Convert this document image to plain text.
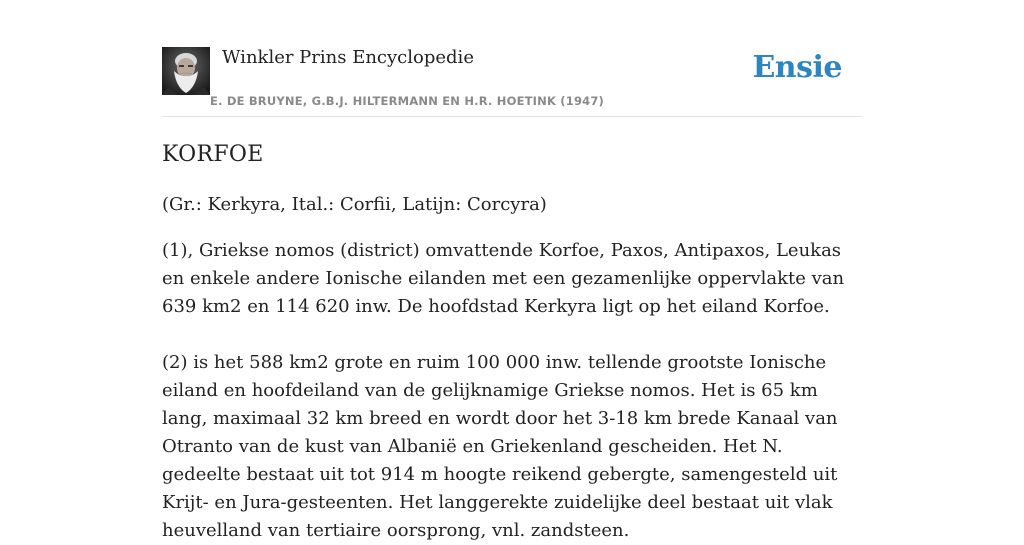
Winkler Prins Encyclopedie
E. DE BRUYNE, G.B.J. HILTERMANN EN H.R. HOETINK (1947)
Ensie
KORFOE

(Gr.: Kerkyra, Ital.: Corfii, Latijn: Corcyra)

(1), Griekse nomos (district) omvattende Korfoe, Paxos, Antipaxos, Leukas en enkele andere Ionische eilanden met een gezamenlijke oppervlakte van 639 km2 en 114 620 inw. De hoofdstad Kerkyra ligt op het eiland Korfoe.

(2) is het 588 km2 grote en ruim 100 000 inw. tellende grootste Ionische eiland en hoofdeiland van de gelijknamige Griekse nomos. Het is 65 km lang, maximaal 32 km breed en wordt door het 3-18 km brede Kanaal van Otranto van de kust van Albanië en Griekenland gescheiden. Het N. gedeelte bestaat uit tot 914 m hoogte reikend gebergte, samengesteld uit Krijt- en Jura-gesteenten. Het langgerekte zuidelijke deel bestaat uit vlak heuvelland van tertiaire oorsprong, vnl. zandsteen.
